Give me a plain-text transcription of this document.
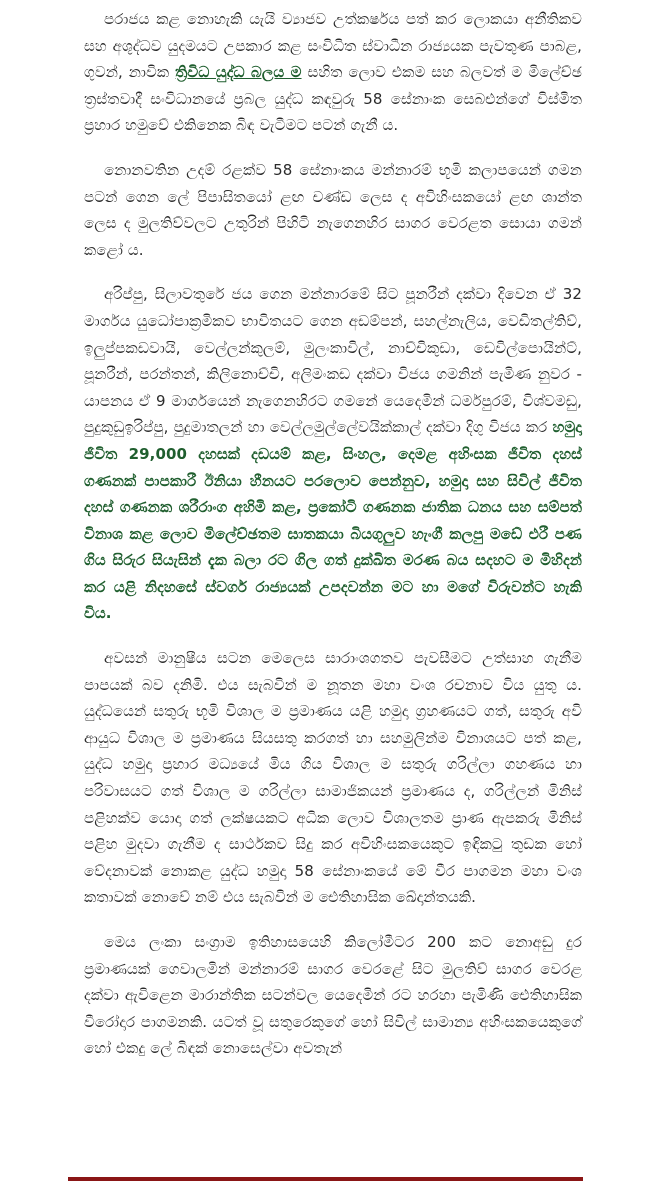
පරාජය කළ නොහැකි යැයි ව්‍යාජව උත්කර්ෂය පත් කර ලොකයා අනීතිකව සහ අශුද්ධව යුදමයට උපකාර කළ සංවිධිත ස්වාධීන රාජ්‍යයක පැවතුණ පාබළ, ගුවන්, නාවික ත්‍රිවිධ යුද්ධ බලය ම සහිත ලොව එකම සහ බලවත් ම මිලේච්ඡ ත්‍රස්තවාදී සංවිධානයේ ප්‍රබල යුද්ධ කඳවුරු 58 සේනාංක සෙබළුන්ගේ විස්මිත ප්‍රහාර හමුවේ එකිනෙක බිඳ වැටීමට පටන් ගැනී ය.

නොනවතින උදම් රළක්ව 58 සේනාංකය මන්නාරම් භූමි කලාපයෙන් ගමන පටන් ගෙන ලේ පිපාසිතයෝ ළඟ චණ්ඩ ලෙස ද අවිහිංසකයෝ ළඟ ශාන්ත ලෙස ද මුලතිව්වලට උතුරින් පිහිටි නැගෙනහිර සාගර වෙරළත සොයා ගමන් කළෝ ය.

අරිප්පු, සිලාවතුරේ ජය ගෙන මන්නාරමේ සිට පූනරීන් දක්වා දිවෙන ඒ 32 මාර්ගය යුධෝපාක්‍රමිකව භාවිතයට ගෙන අඩම්පන්, සහල්නැලිය, වෙඩිතල්තිව්, ඉලුප්පකඩවායි, වෙල්ලන්කුලම්, මුලංකාවිල්, නාච්චිකුඩා, ඩෙවිල්පොයින්ට්, පූනරීන්, පරන්තන්, කිලිනොච්චි, අලිමංකඩ දක්වා විජය ගමනින් පැමිණ නුවර - යාපනය ඒ 9 මාර්ගයෙන් නැගෙනහිරට ගමනේ යෙදෙමින් ධර්මපුරම්, විශ්වමඩු, පුදුකුඩුඉරිප්පු, පුදුමාතලන් හා වෙල්ලමුල්ලේවයික්කාල් දක්වා දිගු විජය කර හමුදා ජීවිත 29,000 දහසක් දඩයම් කළ, සිංහල, දෙමළ අහිංසක ජීවිත දහස් ගණනක් පාපකාරී ඊනියා හීනයට පරලොව පෙන්නුව, හමුදා සහ සිවිල් ජීවිත දහස් ගණනක ශරීරාංග අහිමි කළ, ප්‍රකෝටි ගණනක ජාතික ධනය සහ සම්පත් විනාශ කළ ලොව මිලේච්ඡතම ඝාතකයා බියගුලුව හැංගී කලපු මඩේ එරී පණ ගිය සිරුර සියැසින් දැක බලා රට ගිල ගත් දුක්ඛිත මරණ බය සදහට ම මිහිදන් කර යළි නිදහසේ ස්වර්ග රාජ්‍යයක් උපදවන්න මට හා මගේ විරුවන්ට හැකි විය.

අවසන් මානුෂීය සටන මෙලෙස සාරාංශගතව පැවසීමට උත්සාහ ගැනීම පාපයක් බව දනිමි. එය සැබවින් ම නූතන මහා වංශ රචනාව විය යුතු ය. යුද්ධයෙන් සතුරු භූමි විශාල ම ප්‍රමාණය යළි හමුදා ග්‍රහණයට ගත්, සතුරු අවි ආයුධ විශාල ම ප්‍රමාණය සියසතු කරගත් හා සහමුලින්ම විනාශයට පත් කළ, යුද්ධ හමුදා ප්‍රහාර මධ්‍යයේ මිය ගිය විශාල ම සතුරු ගරිල්ලා ගහණය හා පරිවාසයට ගත් විශාල ම ගරිල්ලා සාමාජිකයන් ප්‍රමාණය ද, ගරිල්ලන් මිනිස් පළිහක්ව යොදා ගත් ලක්ෂයකට අධික ලොව විශාලතම ප්‍රාණ ඇපකරු මිනිස් පළිහ මුදවා ගැනීම ද සාර්ථකව සිදු කර අවිහිංසකයෙකුට ඉඳිකටු තුඩක හෝ වේදනාවක් නොකළ යුද්ධ හමුදා 58 සේනාංකයේ මේ වීර පාගමන මහා වංශ කතාවක් නොවේ නම් එය සැබවින් ම ඓතිහාසික ඛේදාන්තයකි.

මෙය ලංකා සංග්‍රාම ඉතිහාසයෙහි කිලෝමීටර 200 කට නොඅඩු දුර ප්‍රමාණයක් ගෙවාලමින් මන්නාරම් සාගර වෙරළේ සිට මුලතිව් සාගර වෙරළ දක්වා ඇවිළෙන මාරාන්තික සටන්වල යෙදෙමින් රට හරහා පැමිණි ඓතිහාසික වීරෝදාර පාගමනකි. යටත් වූ සතුරෙකුගේ හෝ සිවිල් සාමාන්‍ය අහිංසකයෙකුගේ හෝ එකදු ලේ බිඳක් නොසෙල්වා අවතැන්
